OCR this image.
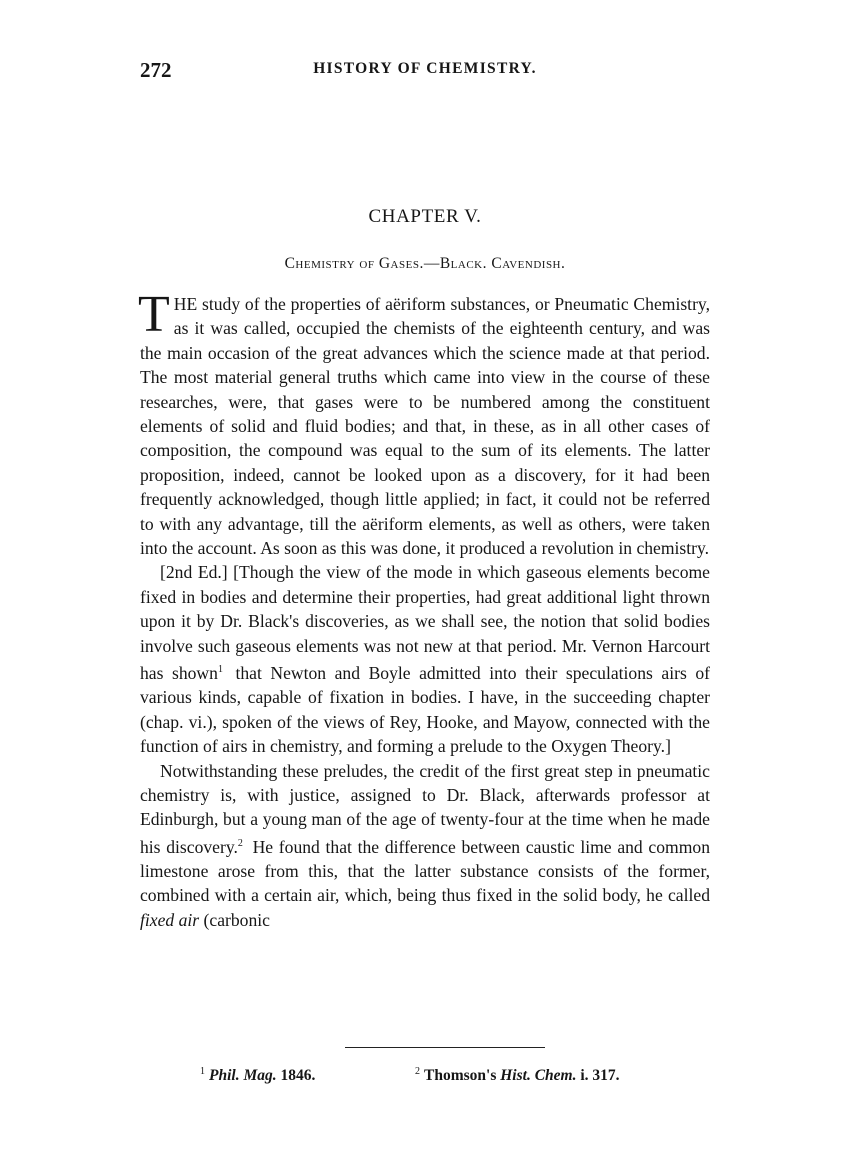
272	HISTORY OF CHEMISTRY.
CHAPTER V.
Chemistry of Gases.—Black. Cavendish.

THE study of the properties of aëriform substances, or Pneumatic Chemistry, as it was called, occupied the chemists of the eighteenth century, and was the main occasion of the great advances which the science made at that period. The most material general truths which came into view in the course of these researches, were, that gases were to be numbered among the constituent elements of solid and fluid bodies; and that, in these, as in all other cases of composition, the compound was equal to the sum of its elements. The latter proposition, indeed, cannot be looked upon as a discovery, for it had been frequently acknowledged, though little applied; in fact, it could not be referred to with any advantage, till the aëriform elements, as well as others, were taken into the account. As soon as this was done, it produced a revolution in chemistry.

[2nd Ed.] [Though the view of the mode in which gaseous elements become fixed in bodies and determine their properties, had great additional light thrown upon it by Dr. Black's discoveries, as we shall see, the notion that solid bodies involve such gaseous elements was not new at that period. Mr. Vernon Harcourt has shown$^1$ that Newton and Boyle admitted into their speculations airs of various kinds, capable of fixation in bodies. I have, in the succeeding chapter (chap. vi.), spoken of the views of Rey, Hooke, and Mayow, connected with the function of airs in chemistry, and forming a prelude to the Oxygen Theory.]

Notwithstanding these preludes, the credit of the first great step in pneumatic chemistry is, with justice, assigned to Dr. Black, afterwards professor at Edinburgh, but a young man of the age of twenty-four at the time when he made his discovery.$^2$ He found that the difference between caustic lime and common limestone arose from this, that the latter substance consists of the former, combined with a certain air, which, being thus fixed in the solid body, he called fixed air (carbonic

$^1$ Phil. Mag. 1846.	$^2$ Thomson's Hist. Chem. i. 317.
